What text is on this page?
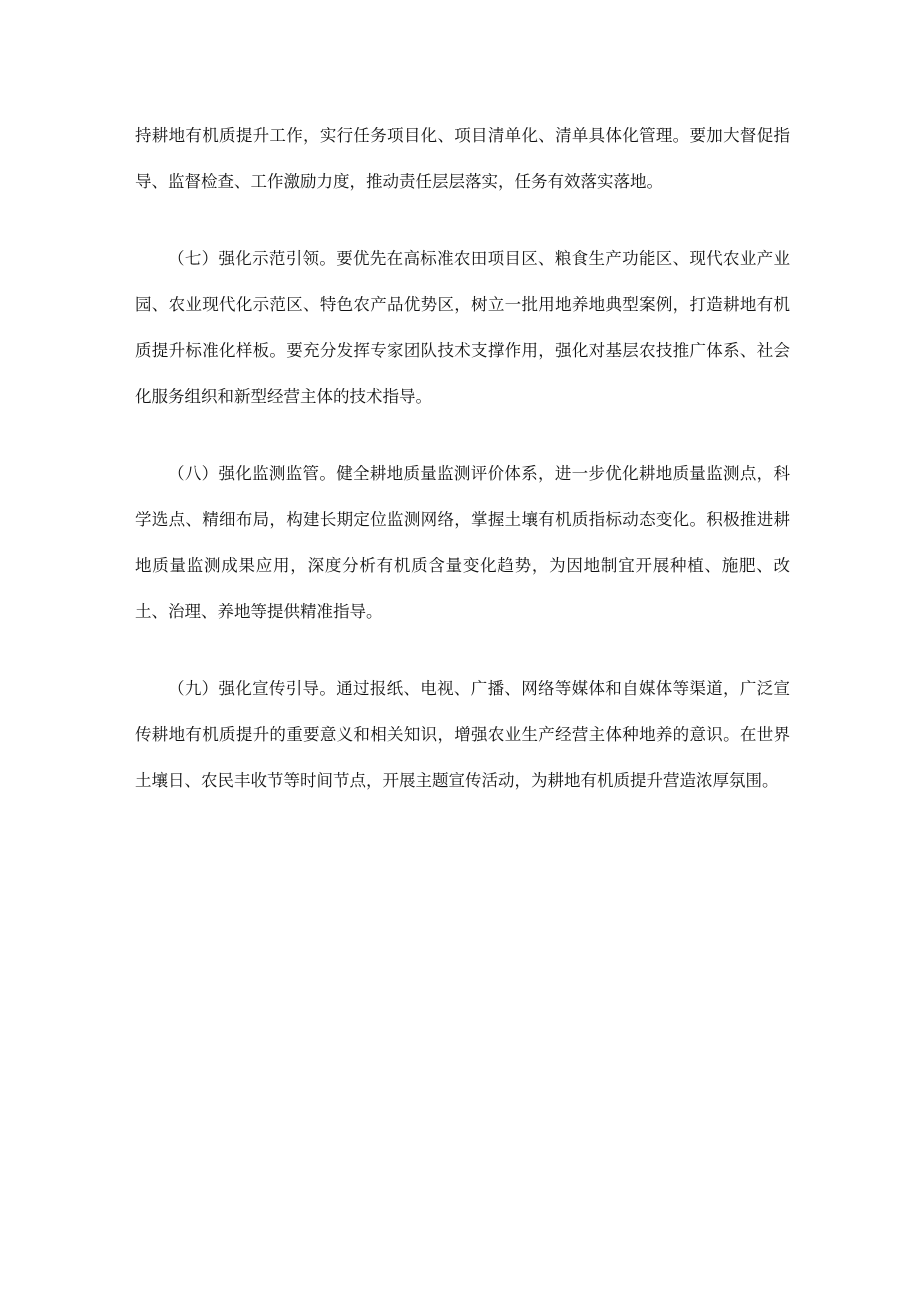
持耕地有机质提升工作，实行任务项目化、项目清单化、清单具体化管理。要加大督促指导、监督检查、工作激励力度，推动责任层层落实，任务有效落实落地。

（七）强化示范引领。要优先在高标准农田项目区、粮食生产功能区、现代农业产业园、农业现代化示范区、特色农产品优势区，树立一批用地养地典型案例，打造耕地有机质提升标准化样板。要充分发挥专家团队技术支撑作用，强化对基层农技推广体系、社会化服务组织和新型经营主体的技术指导。

（八）强化监测监管。健全耕地质量监测评价体系，进一步优化耕地质量监测点，科学选点、精细布局，构建长期定位监测网络，掌握土壤有机质指标动态变化。积极推进耕地质量监测成果应用，深度分析有机质含量变化趋势，为因地制宜开展种植、施肥、改土、治理、养地等提供精准指导。

（九）强化宣传引导。通过报纸、电视、广播、网络等媒体和自媒体等渠道，广泛宣传耕地有机质提升的重要意义和相关知识，增强农业生产经营主体种地养的意识。在世界土壤日、农民丰收节等时间节点，开展主题宣传活动，为耕地有机质提升营造浓厚氛围。
